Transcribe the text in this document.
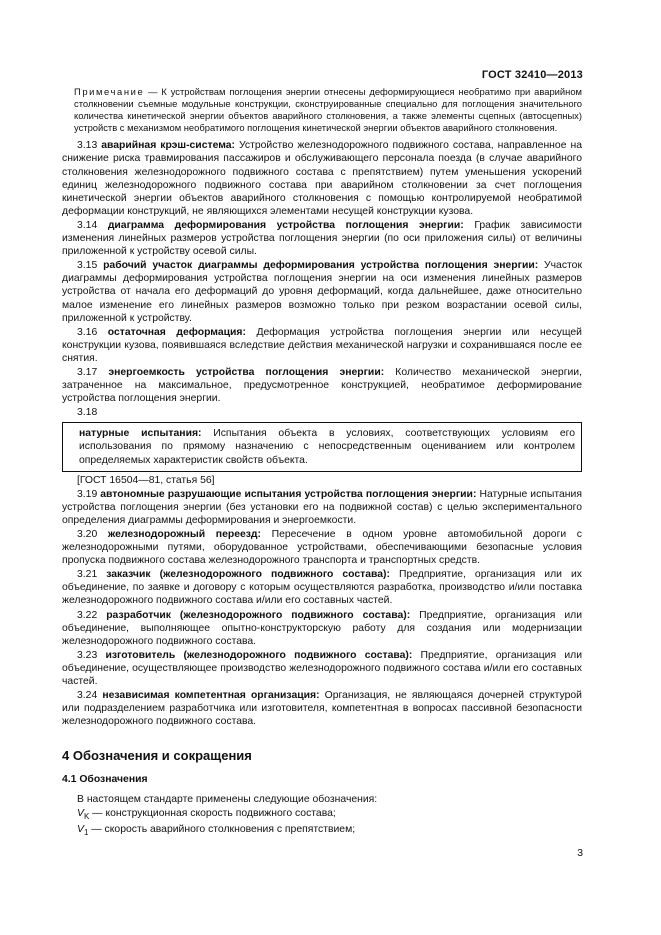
ГОСТ 32410—2013

Примечание — К устройствам поглощения энергии отнесены деформирующиеся необратимо при аварийном столкновении съемные модульные конструкции, сконструированные специально для поглощения значительного количества кинетической энергии объектов аварийного столкновения, а также элементы сцепных (автосцепных) устройств с механизмом необратимого поглощения кинетической энергии объектов аварийного столкновения.

3.13 аварийная крэш-система: Устройство железнодорожного подвижного состава, направленное на снижение риска травмирования пассажиров и обслуживающего персонала поезда (в случае аварийного столкновения железнодорожного подвижного состава с препятствием) путем уменьшения ускорений единиц железнодорожного подвижного состава при аварийном столкновении за счет поглощения кинетической энергии объектов аварийного столкновения с помощью контролируемой необратимой деформации конструкций, не являющихся элементами несущей конструкции кузова.

3.14 диаграмма деформирования устройства поглощения энергии: График зависимости изменения линейных размеров устройства поглощения энергии (по оси приложения силы) от величины приложенной к устройству осевой силы.

3.15 рабочий участок диаграммы деформирования устройства поглощения энергии: Участок диаграммы деформирования устройства поглощения энергии на оси изменения линейных размеров устройства от начала его деформаций до уровня деформаций, когда дальнейшее, даже относительно малое изменение его линейных размеров возможно только при резком возрастании осевой силы, приложенной к устройству.

3.16 остаточная деформация: Деформация устройства поглощения энергии или несущей конструкции кузова, появившаяся вследствие действия механической нагрузки и сохранившаяся после ее снятия.

3.17 энергоемкость устройства поглощения энергии: Количество механической энергии, затраченное на максимальное, предусмотренное конструкцией, необратимое деформирование устройства поглощения энергии.

3.18

натурные испытания: Испытания объекта в условиях, соответствующих условиям его использования по прямому назначению с непосредственным оцениванием или контролем определяемых характеристик свойств объекта.

[ГОСТ 16504—81, статья 56]

3.19 автономные разрушающие испытания устройства поглощения энергии: Натурные испытания устройства поглощения энергии (без установки его на подвижной состав) с целью экспериментального определения диаграммы деформирования и энергоемкости.

3.20 железнодорожный переезд: Пересечение в одном уровне автомобильной дороги с железнодорожными путями, оборудованное устройствами, обеспечивающими безопасные условия пропуска подвижного состава железнодорожного транспорта и транспортных средств.

3.21 заказчик (железнодорожного подвижного состава): Предприятие, организация или их объединение, по заявке и договору с которым осуществляются разработка, производство и/или поставка железнодорожного подвижного состава и/или его составных частей.

3.22 разработчик (железнодорожного подвижного состава): Предприятие, организация или объединение, выполняющее опытно-конструкторскую работу для создания или модернизации железнодорожного подвижного состава.

3.23 изготовитель (железнодорожного подвижного состава): Предприятие, организация или объединение, осуществляющее производство железнодорожного подвижного состава и/или его составных частей.

3.24 независимая компетентная организация: Организация, не являющаяся дочерней структурой или подразделением разработчика или изготовителя, компетентная в вопросах пассивной безопасности железнодорожного подвижного состава.

4 Обозначения и сокращения
4.1 Обозначения

В настоящем стандарте применены следующие обозначения:

$V_K$ — конструкционная скорость подвижного состава;

$V_1$ — скорость аварийного столкновения с препятствием;

3
